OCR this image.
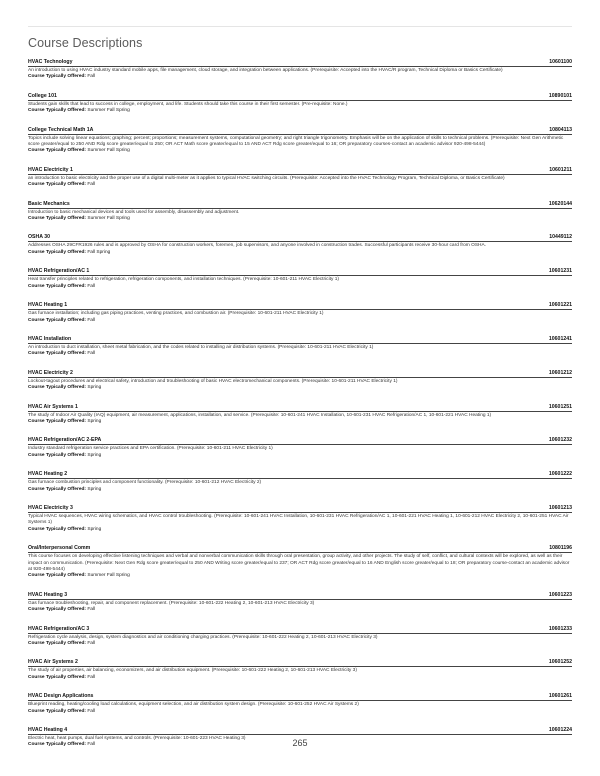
Course Descriptions
HVAC Technology	10601100

An introduction to using HVAC industry standard mobile apps, file management, cloud storage, and integration between applications. (Prerequisite: Accepted into the HVAC/R program, Technical Diploma or Basics Certificate)

Course Typically Offered: Fall

College 101	10890101

Students gain skills that lead to success in college, employment, and life. Students should take this course in their first semester. (Pre-requisite: None.)

Course Typically Offered: Summer Fall Spring

College Technical Math 1A	10804113

Topics include solving linear equations; graphing; percent; proportions; measurement systems, computational geometry; and right triangle trigonometry. Emphasis will be on the application of skills to technical problems. (Prerequisite: Next Gen Arithmetic score greater/equal to 250 AND Rdg score greater/equal to 250; OR ACT Math score greater/equal to 15 AND ACT Rdg score greater/equal to 16; OR preparatory courses-contact an academic advisor 920-498-5444)

Course Typically Offered: Summer Fall Spring

HVAC Electricity 1	10601211

an introduction to basic electricity and the proper use of a digital multi-meter as it applies to typical HVAC switching circuits. (Prerequisite: Accepted into the HVAC Technology Program, Technical Diploma, or Basics Certificate)

Course Typically Offered: Fall

Basic Mechanics	10620144

Introduction to basic mechanical devices and tools used for assembly, disassembly and adjustment.

Course Typically Offered: Summer Fall Spring

OSHA 30	10449112

Addresses OSHA 29CFR1926 rules and is approved by OSHA for construction workers, foremen, job supervisors, and anyone involved in construction trades. Successful participants receive 30-hour card from OSHA.

Course Typically Offered: Fall Spring

HVAC Refrigeration/AC 1	10601231

Heat transfer principles related to refrigeration, refrigeration components, and installation techniques. (Prerequisite: 10-601-211 HVAC Electricity 1)

Course Typically Offered: Fall

HVAC Heating 1	10601221

Gas furnace installation; including gas piping practices, venting practices, and combustion air. (Prerequisite: 10-601-211 HVAC Electricity 1)

Course Typically Offered: Fall

HVAC Installation	10601241

An introduction to duct installation, sheet metal fabrication, and the codes related to installing air distribution systems. (Prerequisite: 10-601-211 HVAC Electricity 1)

Course Typically Offered: Fall

HVAC Electricity 2	10601212

Lockout-tagout procedures and electrical safety, introduction and troubleshooting of basic HVAC electromechanical components. (Prerequisite: 10-601-211 HVAC Electricity 1)

Course Typically Offered: Spring

HVAC Air Systems 1	10601251

The study of Indoor Air Quality (IAQ) equipment, air measurement, applications, installation, and service. (Prerequisite: 10-601-241 HVAC Installation, 10-601-231 HVAC Refrigeration/AC 1, 10-601-221 HVAC Heating 1)

Course Typically Offered: Spring

HVAC Refrigeration/AC 2-EPA	10601232

Industry standard refrigeration service practices and EPA certification. (Prerequisite: 10-601-211 HVAC Electricity 1)

Course Typically Offered: Spring

HVAC Heating 2	10601222

Gas furnace combustion principles and component functionality. (Prerequisite: 10-601-212 HVAC Electricity 2)

Course Typically Offered: Spring

HVAC Electricity 3	10601213

Typical HVAC sequences, HVAC wiring schematics, and HVAC control troubleshooting. (Prerequisite: 10-601-241 HVAC Installation, 10-601-231 HVAC Refrigeration/AC 1, 10-601-221 HVAC Heating 1, 10-601-212 HVAC Electricity 2, 10-601-251 HVAC Air Systems 1)

Course Typically Offered: Spring

Oral/Interpersonal Comm	10801196

This course focuses on developing effective listening techniques and verbal and nonverbal communication skills through oral presentation, group activity, and other projects. The study of self, conflict, and cultural contexts will be explored, as well as their impact on communication. (Prerequisite: Next Gen Rdg score greater/equal to 250 AND Writing score greater/equal to 237; OR ACT Rdg score greater/equal to 16 AND English score greater/equal to 18; OR preparatory course-contact an academic advisor at 920-498-5444)

Course Typically Offered: Summer Fall Spring

HVAC Heating 3	10601223

Gas furnace troubleshooting, repair, and component replacement. (Prerequisite: 10-601-222 Heating 2, 10-601-213 HVAC Electricity 3)

Course Typically Offered: Fall

HVAC Refrigeration/AC 3	10601233

Refrigeration cycle analysis, design, system diagnostics and air conditioning charging practices. (Prerequisite: 10-601-222 Heating 2, 10-601-213 HVAC Electricity 3)

Course Typically Offered: Fall

HVAC Air Systems 2	10601252

The study of air properties, air balancing, economizers, and air distribution equipment. (Prerequisite: 10-601-222 Heating 2, 10-601-213 HVAC Electricity 3)

Course Typically Offered: Fall

HVAC Design Applications	10601261

Blueprint reading, heating/cooling load calculations, equipment selection, and air distribution system design. (Prerequisite: 10-601-252 HVAC Air Systems 2)

Course Typically Offered: Fall

HVAC Heating 4	10601224

Electric heat, heat pumps, dual fuel systems, and controls. (Prerequisite: 10-601-223 HVAC Heating 3)

Course Typically Offered: Fall	265
